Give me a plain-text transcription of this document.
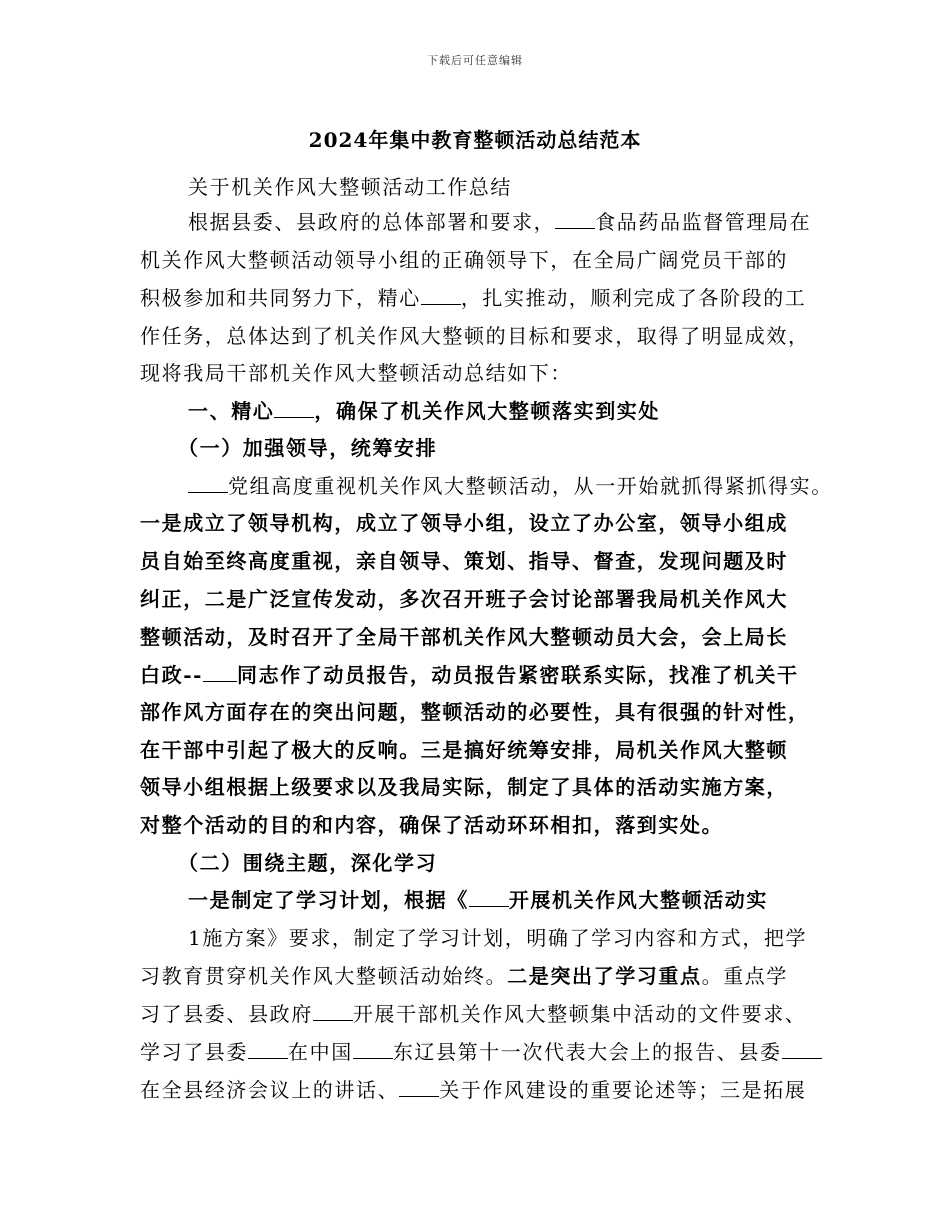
下载后可任意编辑
2024年集中教育整顿活动总结范本
关于机关作风大整顿活动工作总结
根据县委、县政府的总体部署和要求， 食品药品监督管理局在
机关作风大整顿活动领导小组的正确领导下，在全局广阔党员干部的
积极参加和共同努力下，精心 ，扎实推动，顺利完成了各阶段的工
作任务，总体达到了机关作风大整顿的目标和要求，取得了明显成效，
现将我局干部机关作风大整顿活动总结如下：
一、精心 ，确保了机关作风大整顿落实到实处
（一）加强领导，统筹安排
党组高度重视机关作风大整顿活动，从一开始就抓得紧抓得实。
一是成立了领导机构，成立了领导小组，设立了办公室，领导小组成
员自始至终高度重视，亲自领导、策划、指导、督查，发现问题及时
纠正，二是广泛宣传发动，多次召开班子会讨论部署我局机关作风大
整顿活动，及时召开了全局干部机关作风大整顿动员大会，会上局长
白政-- 同志作了动员报告，动员报告紧密联系实际，找准了机关干
部作风方面存在的突出问题，整顿活动的必要性，具有很强的针对性，
在干部中引起了极大的反响。三是搞好统筹安排，局机关作风大整顿
领导小组根据上级要求以及我局实际，制定了具体的活动实施方案，
对整个活动的目的和内容，确保了活动环环相扣，落到实处。
（二）围绕主题，深化学习
一是制定了学习计划，根据《 开展机关作风大整顿活动实
1施方案》要求，制定了学习计划，明确了学习内容和方式，把学
习教育贯穿机关作风大整顿活动始终。二是突出了学习重点。重点学
习了县委、县政府 开展干部机关作风大整顿集中活动的文件要求、
学习了县委 在中国 东辽县第十一次代表大会上的报告、县委
在全县经济会议上的讲话、 关于作风建设的重要论述等；三是拓展
